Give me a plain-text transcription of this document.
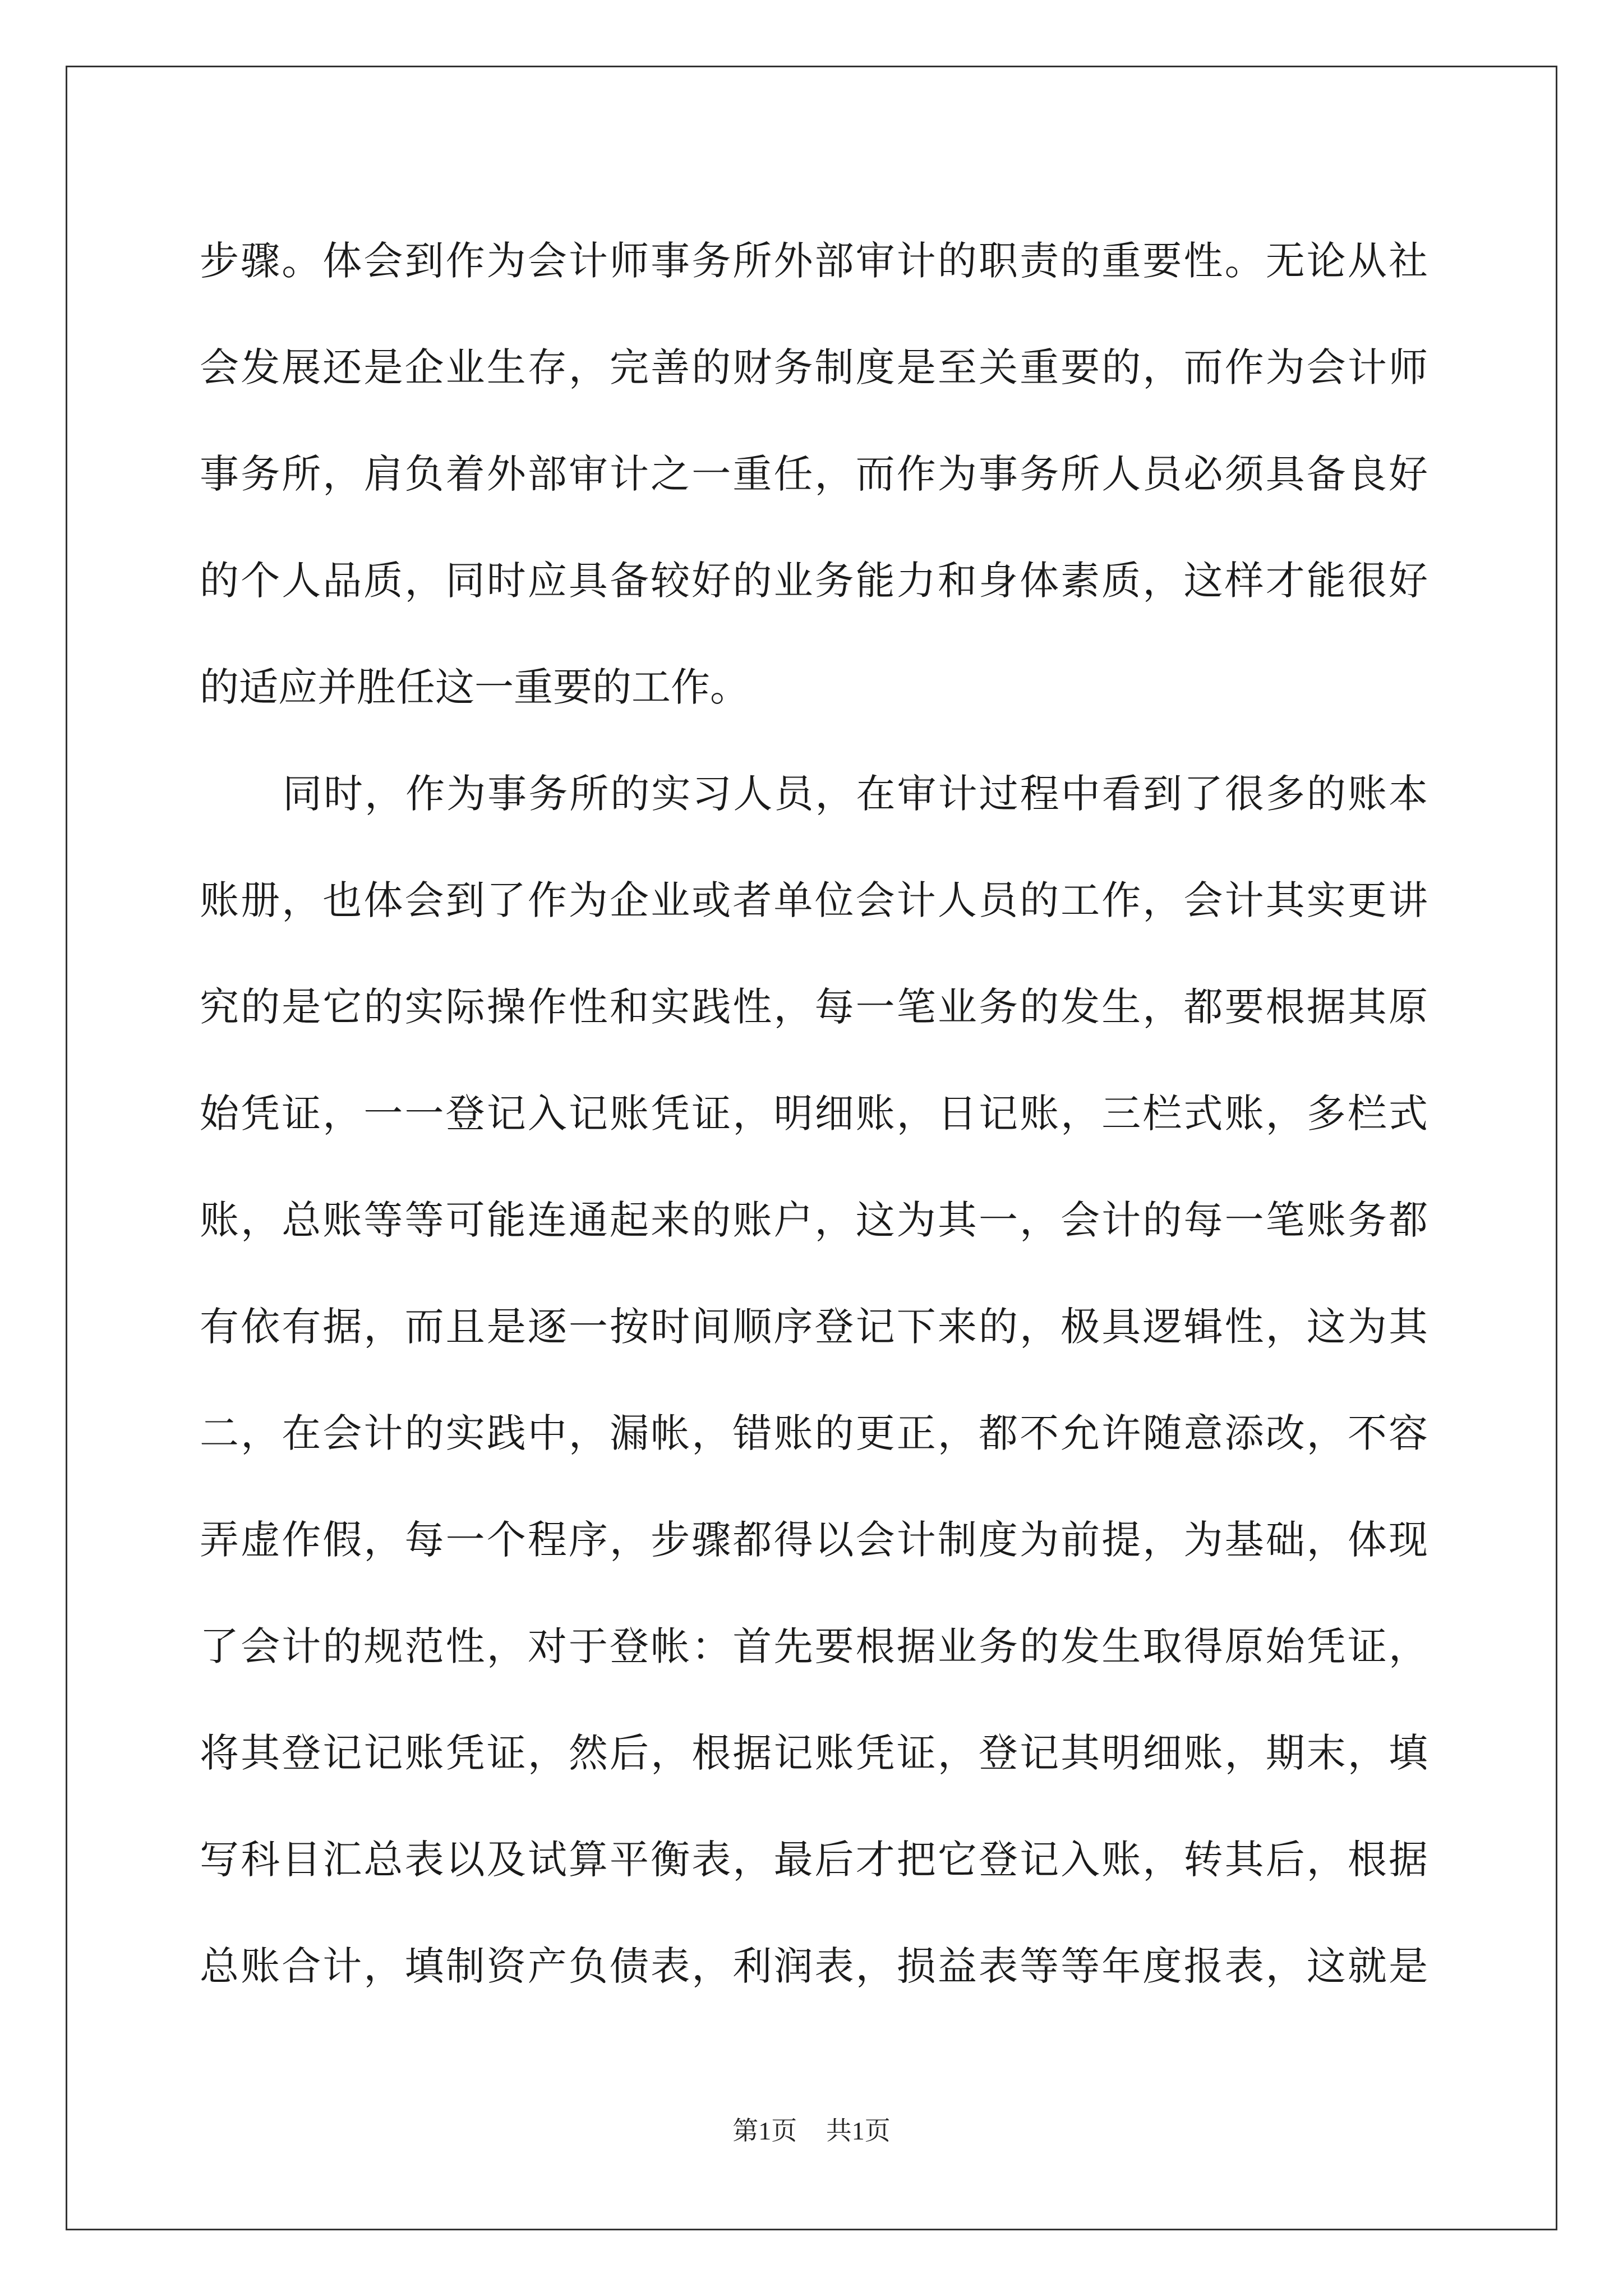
步骤。体会到作为会计师事务所外部审计的职责的重要性。无论从社
会发展还是企业生存，完善的财务制度是至关重要的，而作为会计师
事务所，肩负着外部审计之一重任，而作为事务所人员必须具备良好
的个人品质，同时应具备较好的业务能力和身体素质，这样才能很好
的适应并胜任这一重要的工作。
同时，作为事务所的实习人员，在审计过程中看到了很多的账本
账册，也体会到了作为企业或者单位会计人员的工作，会计其实更讲
究的是它的实际操作性和实践性，每一笔业务的发生，都要根据其原
始凭证，一一登记入记账凭证，明细账，日记账，三栏式账，多栏式
账，总账等等可能连通起来的账户，这为其一，会计的每一笔账务都
有依有据，而且是逐一按时间顺序登记下来的，极具逻辑性，这为其
二，在会计的实践中，漏帐，错账的更正，都不允许随意添改，不容
弄虚作假，每一个程序，步骤都得以会计制度为前提，为基础，体现
了会计的规范性，对于登帐：首先要根据业务的发生取得原始凭证，
将其登记记账凭证，然后，根据记账凭证，登记其明细账，期末，填
写科目汇总表以及试算平衡表，最后才把它登记入账，转其后，根据
总账合计，填制资产负债表，利润表，损益表等等年度报表，这就是
第1页 共1页
